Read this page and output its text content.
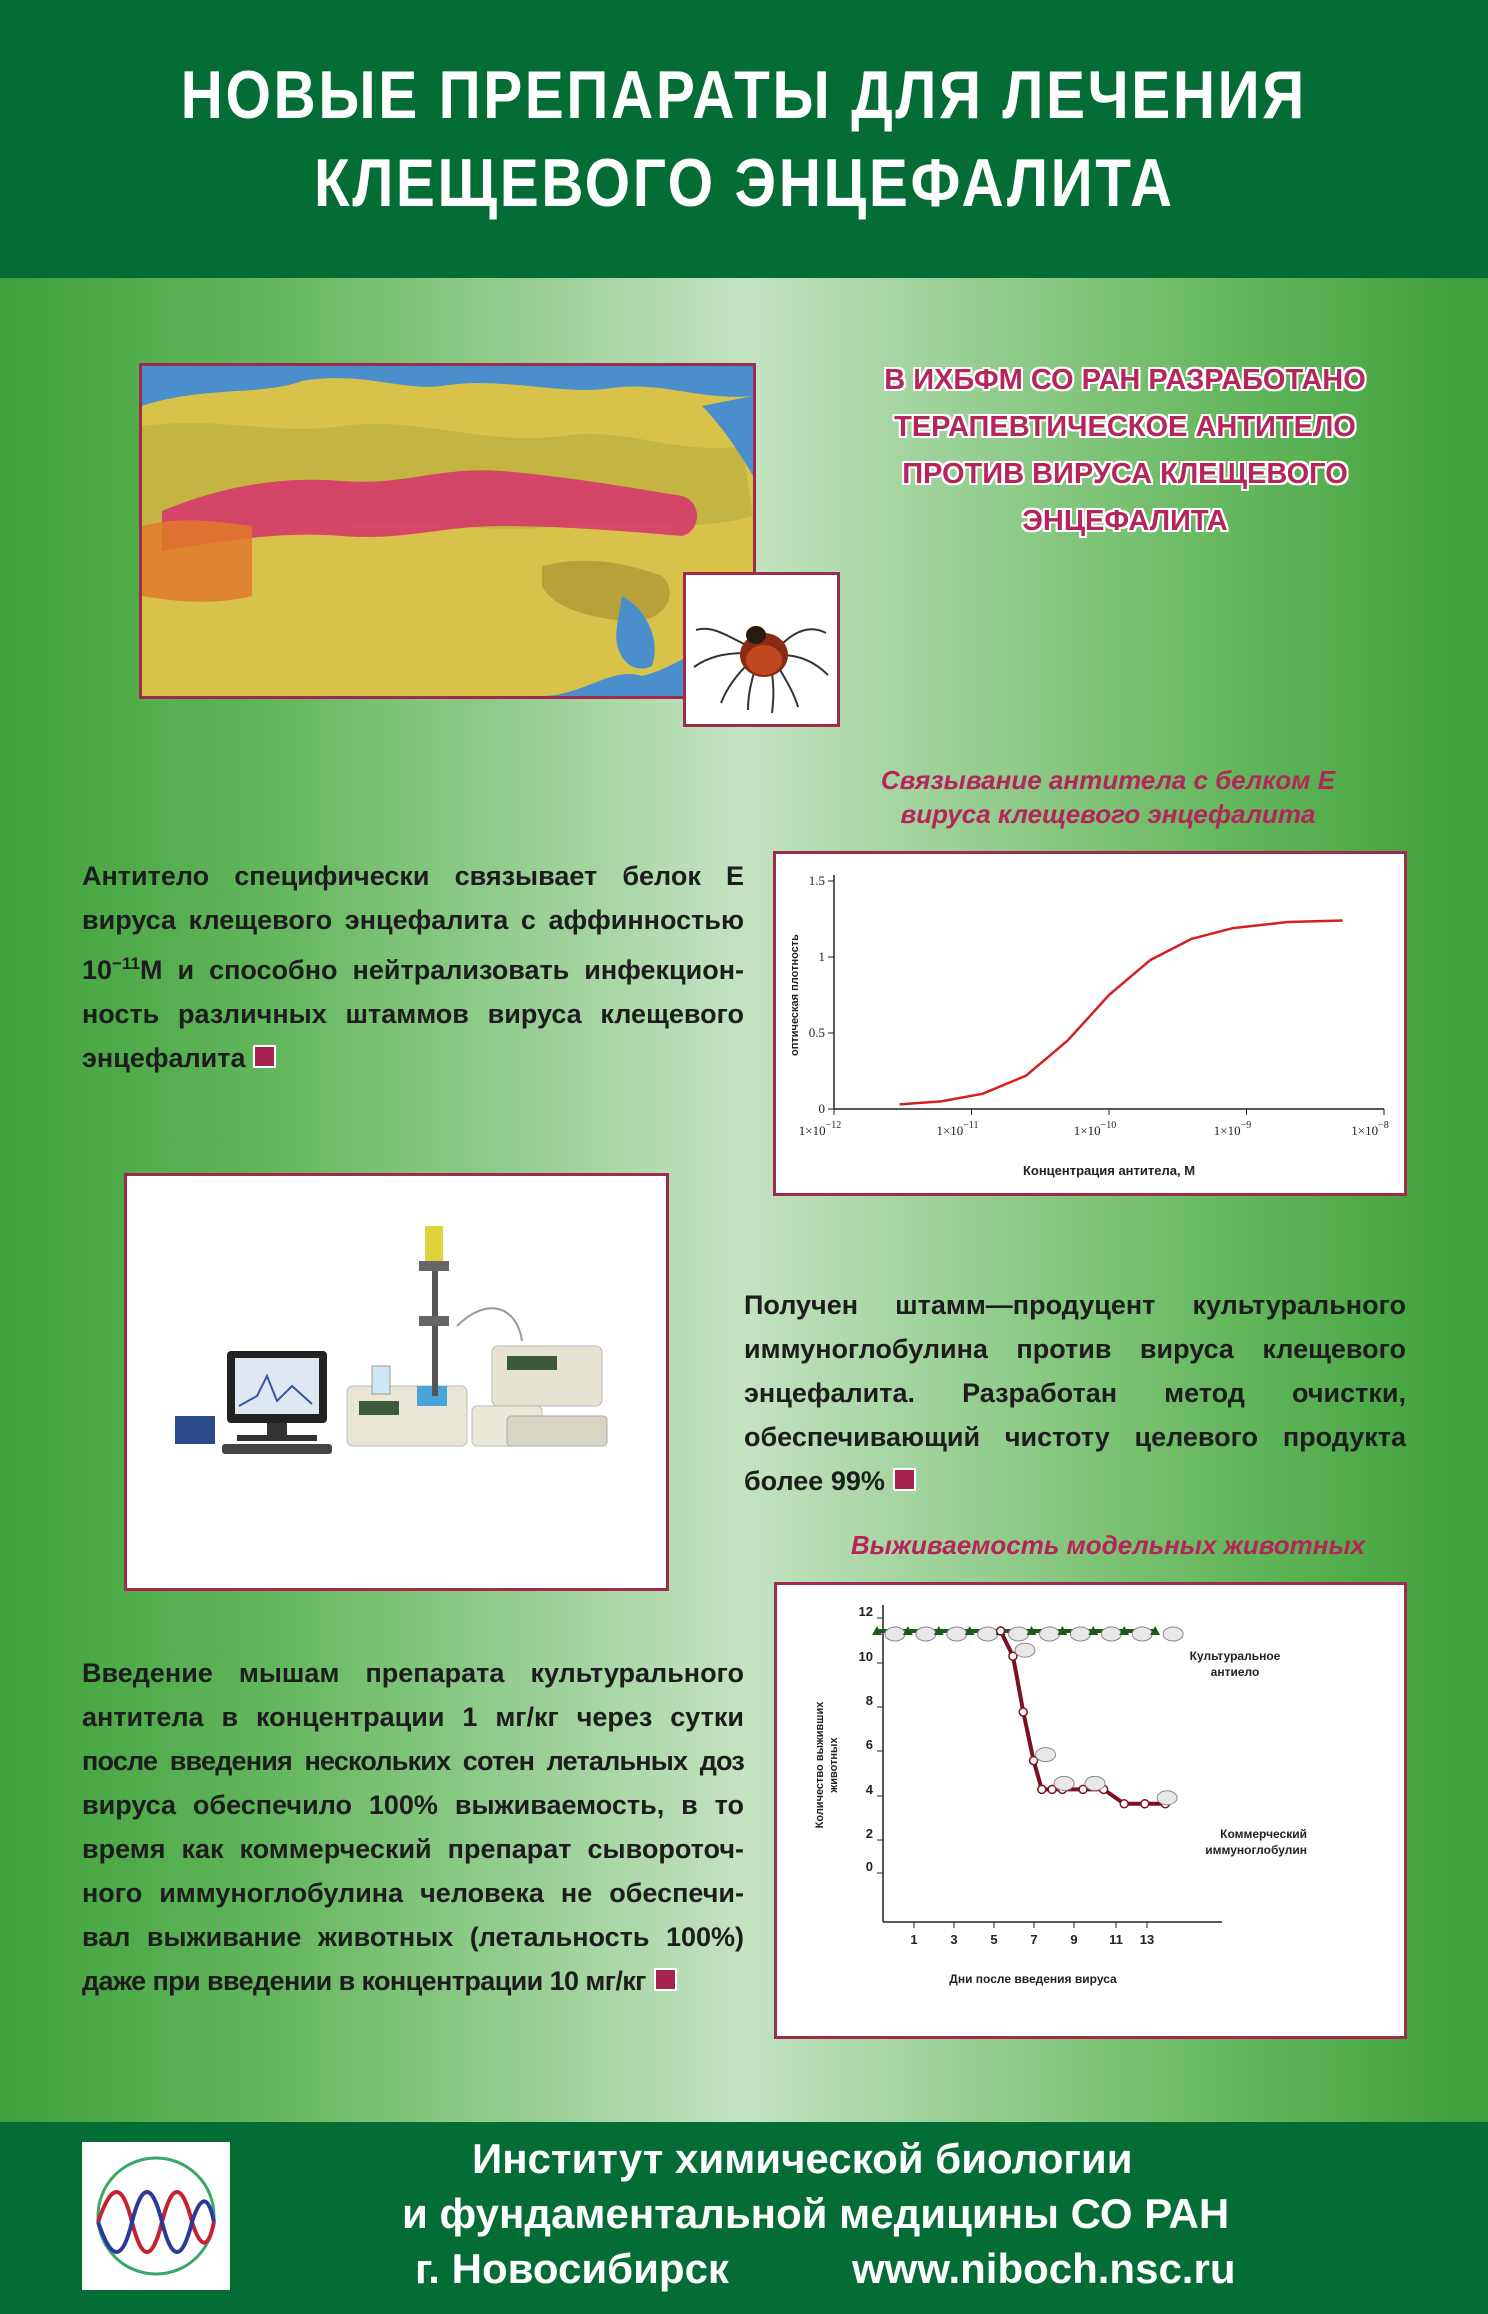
НОВЫЕ ПРЕПАРАТЫ ДЛЯ ЛЕЧЕНИЯ
КЛЕЩЕВОГО ЭНЦЕФАЛИТА
В ИХБФМ СО РАН РАЗРАБОТАНО
ТЕРАПЕВТИЧЕСКОЕ АНТИТЕЛО
ПРОТИВ ВИРУСА КЛЕЩЕВОГО
ЭНЦЕФАЛИТА
Связывание антитела с белком Е
вируса клещевого энцефалита
Антитело специфически связывает белок Е
вируса клещевого энцефалита с аффинностью
$10^{-11}М$ и способно нейтрализовать инфекцион-
ность различных штаммов вируса клещевого
энцефалита
0
0.5
1
1.5
$1\times 10^{-12}$	$1\times 10^{-11}$	$1\times 10^{-10}$	$1\times 10^{-9}$	$1\times 10^{-8}$
Концентрация антитела, М
оптическая плотность
Получен штамм—продуцент культурального
иммуноглобулина против вируса клещевого
энцефалита. Разработан метод очистки,
обеспечивающий чистоту целевого продукта
более 99%
Выживаемость модельных животных
0
2
4
6
8
10
12
1	3	5	7	9 11 13
Культуральное
антиело
Коммерческий
иммуноглобулин
Дни после введения вируса
Количество выживших животных
Введение мышам препарата культурального
антитела в концентрации 1 мг/кг через сутки
после введения нескольких сотен летальных доз
вируса обеспечило 100% выживаемость, в то
время как коммерческий препарат сывороточ-
ного иммуноглобулина человека не обеспечи-
вал выживание животных (летальность 100%)
даже при введении в концентрации 10 мг/кг
Институт химической биологии
и фундаментальной медицины СО РАН
г. Новосибирск	www.niboch.nsc.ru
